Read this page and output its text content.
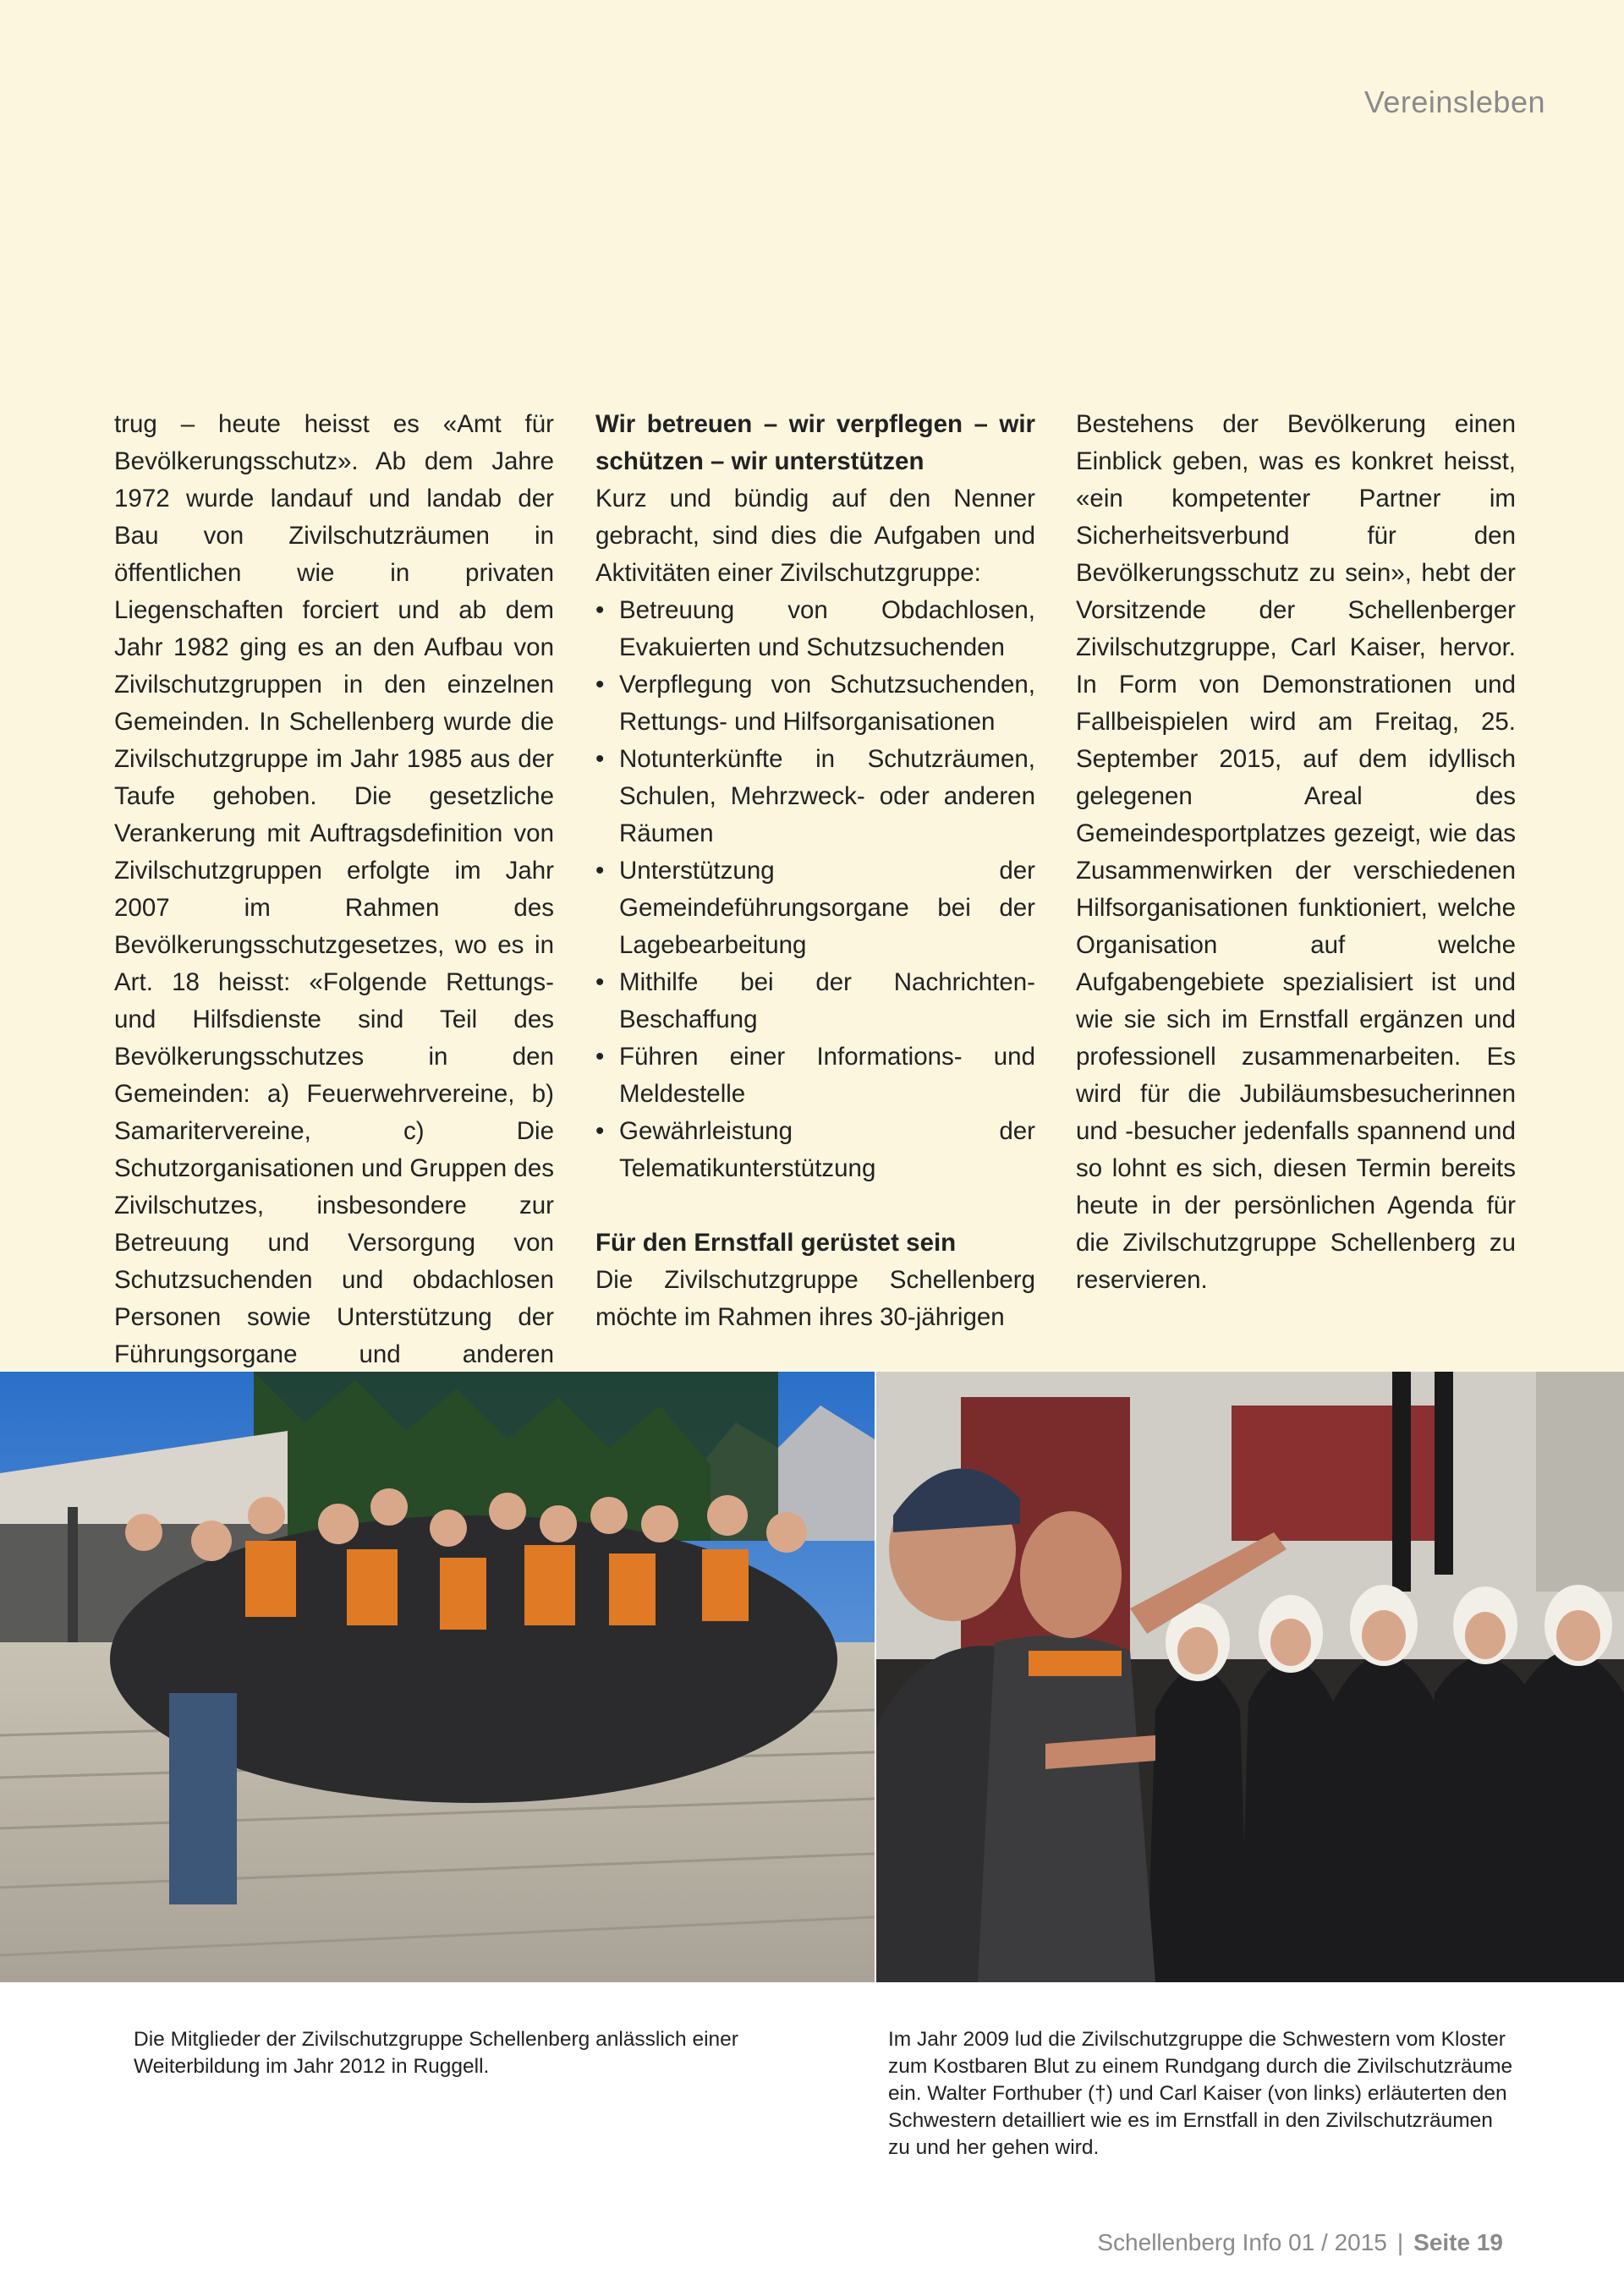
Vereinsleben

trug – heute heisst es «Amt für Bevölkerungsschutz». Ab dem Jahre 1972 wurde landauf und landab der Bau von Zivilschutzräumen in öffentlichen wie in privaten Liegenschaften forciert und ab dem Jahr 1982 ging es an den Aufbau von Zivilschutzgruppen in den einzelnen Gemeinden. In Schellenberg wurde die Zivilschutzgruppe im Jahr 1985 aus der Taufe gehoben. Die gesetzliche Verankerung mit Auftragsdefinition von Zivilschutzgruppen erfolgte im Jahr 2007 im Rahmen des Bevölkerungsschutzgesetzes, wo es in Art. 18 heisst: «Folgende Rettungs- und Hilfsdienste sind Teil des Bevölkerungsschutzes in den Gemeinden: a) Feuerwehrvereine, b) Samaritervereine, c) Die Schutzorganisationen und Gruppen des Zivilschutzes, insbesondere zur Betreuung und Versorgung von Schutzsuchenden und obdachlosen Personen sowie Unterstützung der Führungsorgane und anderen

Wir betreuen – wir verpflegen – wir schützen – wir unterstützen

Kurz und bündig auf den Nenner gebracht, sind dies die Aufgaben und Aktivitäten einer Zivilschutzgruppe:

• Betreuung von Obdachlosen, Evakuierten und Schutzsuchenden
• Verpflegung von Schutzsuchenden, Rettungs- und Hilfsorganisationen
• Notunterkünfte in Schutzräumen, Schulen, Mehrzweck- oder anderen Räumen
• Unterstützung der Gemeindeführungsorgane bei der Lagebearbeitung
• Mithilfe bei der Nachrichten-Beschaffung
• Führen einer Informations- und Meldestelle
• Gewährleistung der Telematikunterstützung

Für den Ernstfall gerüstet sein

Die Zivilschutzgruppe Schellenberg möchte im Rahmen ihres 30-jährigen

Bestehens der Bevölkerung einen Einblick geben, was es konkret heisst, «ein kompetenter Partner im Sicherheitsverbund für den Bevölkerungsschutz zu sein», hebt der Vorsitzende der Schellenberger Zivilschutzgruppe, Carl Kaiser, hervor. In Form von Demonstrationen und Fallbeispielen wird am Freitag, 25. September 2015, auf dem idyllisch gelegenen Areal des Gemeindesportplatzes gezeigt, wie das Zusammenwirken der verschiedenen Hilfsorganisationen funktioniert, welche Organisation auf welche Aufgabengebiete spezialisiert ist und wie sie sich im Ernstfall ergänzen und professionell zusammenarbeiten. Es wird für die Jubiläumsbesucherinnen und -besucher jedenfalls spannend und so lohnt es sich, diesen Termin bereits heute in der persönlichen Agenda für die Zivilschutzgruppe Schellenberg zu reservieren.

Die Mitglieder der Zivilschutzgruppe Schellenberg anlässlich einer Weiterbildung im Jahr 2012 in Ruggell.
Im Jahr 2009 lud die Zivilschutzgruppe die Schwestern vom Kloster zum Kostbaren Blut zu einem Rundgang durch die Zivilschutzräume ein. Walter Forthuber (†) und Carl Kaiser (von links) erläuterten den Schwestern detailliert wie es im Ernstfall in den Zivilschutzräumen zu und her gehen wird.
Schellenberg Info 01 / 2015 | Seite 19
